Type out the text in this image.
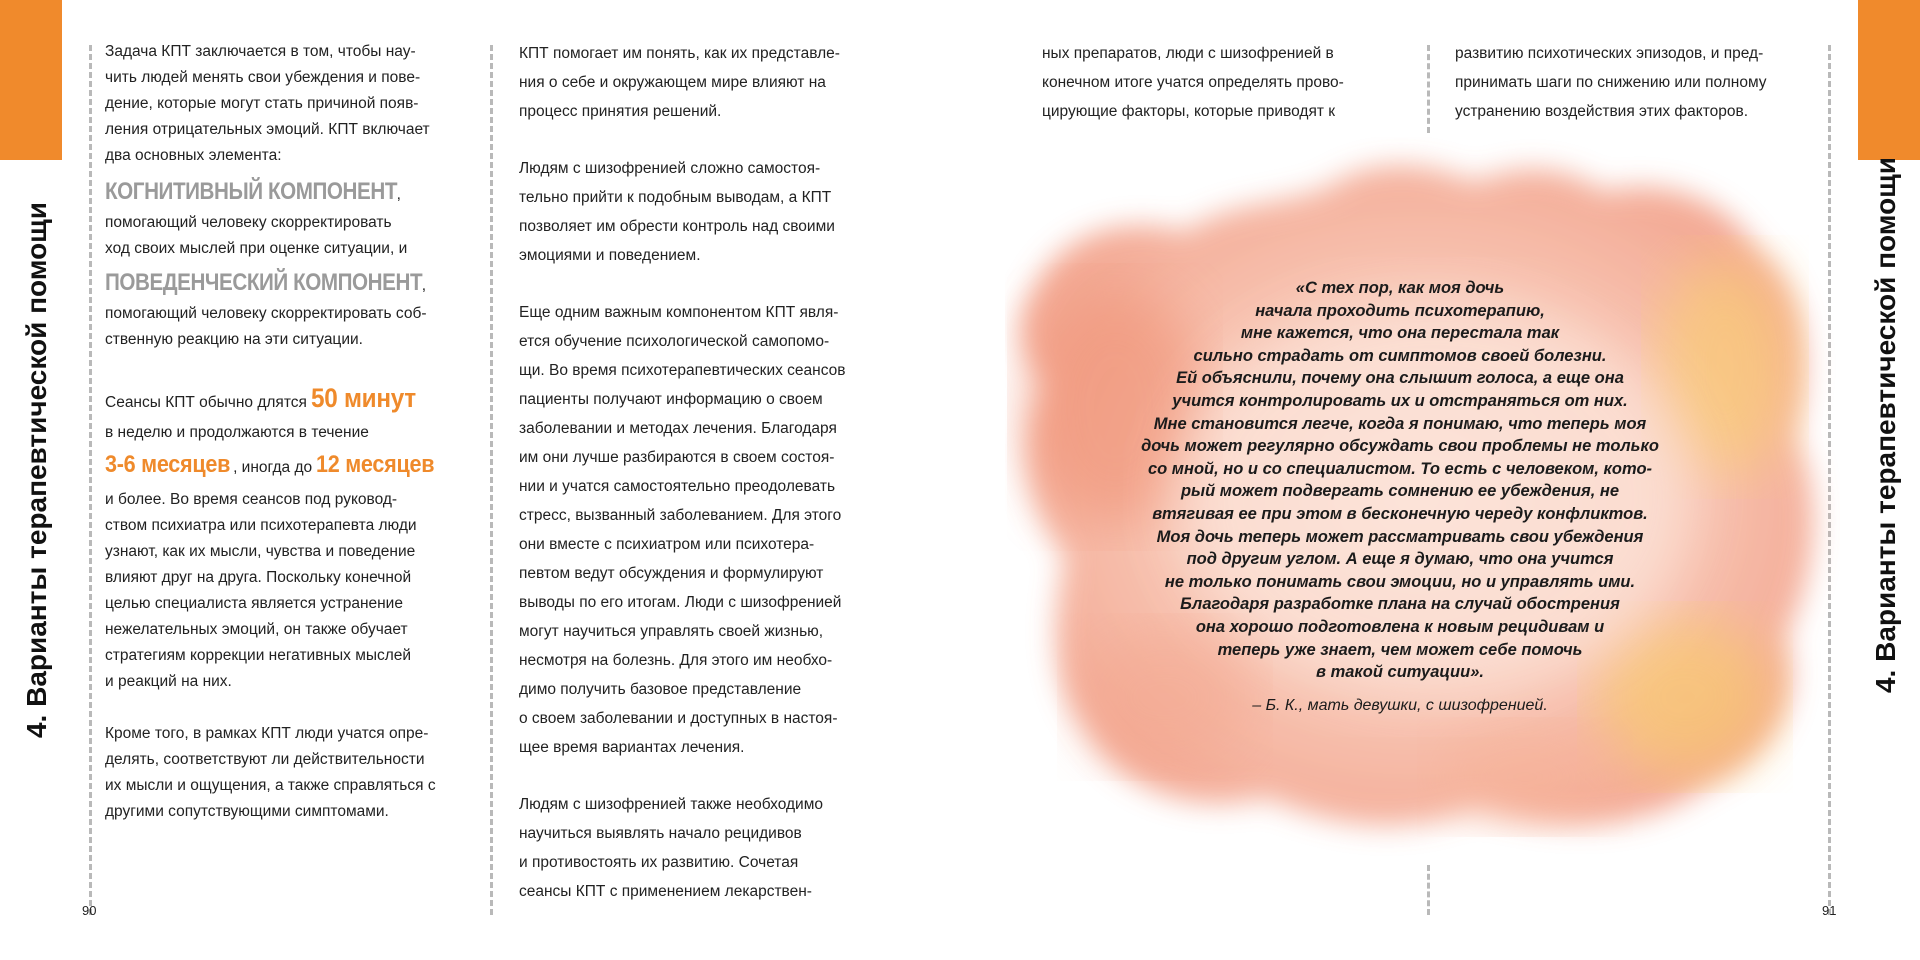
4. Варианты терапевтической помощи	4. Варианты терапевтической помощи
90	91

Задача КПТ заключается в том, чтобы нау-
чить людей менять свои убеждения и пове-
дение, которые могут стать причиной появ-
ления отрицательных эмоций. КПТ включает
два основных элемента:

КОГНИТИВНЫЙ КОМПОНЕНТ,

помогающий человеку скорректировать
ход своих мыслей при оценке ситуации, и

ПОВЕДЕНЧЕСКИЙ КОМПОНЕНТ,

помогающий человеку скорректировать соб-
ственную реакцию на эти ситуации.

Сеансы КПТ обычно длятся 50 минут
в неделю и продолжаются в течение
3-6 месяцев , иногда до 12 месяцев

и более. Во время сеансов под руковод-
ством психиатра или психотерапевта люди
узнают, как их мысли, чувства и поведение
влияют друг на друга. Поскольку конечной
целью специалиста является устранение
нежелательных эмоций, он также обучает
стратегиям коррекции негативных мыслей
и реакций на них.

Кроме того, в рамках КПТ люди учатся опре-
делять, соответствуют ли действительности
их мысли и ощущения, а также справляться с
другими сопутствующими симптомами.

КПТ помогает им понять, как их представле-
ния о себе и окружающем мире влияют на
процесс принятия решений.

Людям с шизофренией сложно самостоя-
тельно прийти к подобным выводам, а КПТ
позволяет им обрести контроль над своими
эмоциями и поведением.

Еще одним важным компонентом КПТ явля-
ется обучение психологической самопомо-
щи. Во время психотерапевтических сеансов
пациенты получают информацию о своем
заболевании и методах лечения. Благодаря
им они лучше разбираются в своем состоя-
нии и учатся самостоятельно преодолевать
стресс, вызванный заболеванием. Для этого
они вместе с психиатром или психотера-
певтом ведут обсуждения и формулируют
выводы по его итогам. Люди с шизофренией
могут научиться управлять своей жизнью,
несмотря на болезнь. Для этого им необхо-
димо получить базовое представление
о своем заболевании и доступных в настоя-
щее время вариантах лечения.

Людям с шизофренией также необходимо
научиться выявлять начало рецидивов
и противостоять их развитию. Сочетая
сеансы КПТ с применением лекарствен-

ных препаратов, люди с шизофренией в
конечном итоге учатся определять прово-
цирующие факторы, которые приводят к
развитию психотических эпизодов, и пред-
принимать шаги по снижению или полному
устранению воздействия этих факторов.
«С тех пор, как моя дочь
начала проходить психотерапию,
мне кажется, что она перестала так
сильно страдать от симптомов своей болезни.
Ей объяснили, почему она слышит голоса, а еще она
учится контролировать их и отстраняться от них.
Мне становится легче, когда я понимаю, что теперь моя
дочь может регулярно обсуждать свои проблемы не только
со мной, но и со специалистом. То есть с человеком, кото-
рый может подвергать сомнению ее убеждения, не
втягивая ее при этом в бесконечную череду конфликтов.
Моя дочь теперь может рассматривать свои убеждения
под другим углом. А еще я думаю, что она учится
не только понимать свои эмоции, но и управлять ими.
Благодаря разработке плана на случай обострения
она хорошо подготовлена к новым рецидивам и
теперь уже знает, чем может себе помочь
в такой ситуации».
– Б. К., мать девушки, с шизофренией.
